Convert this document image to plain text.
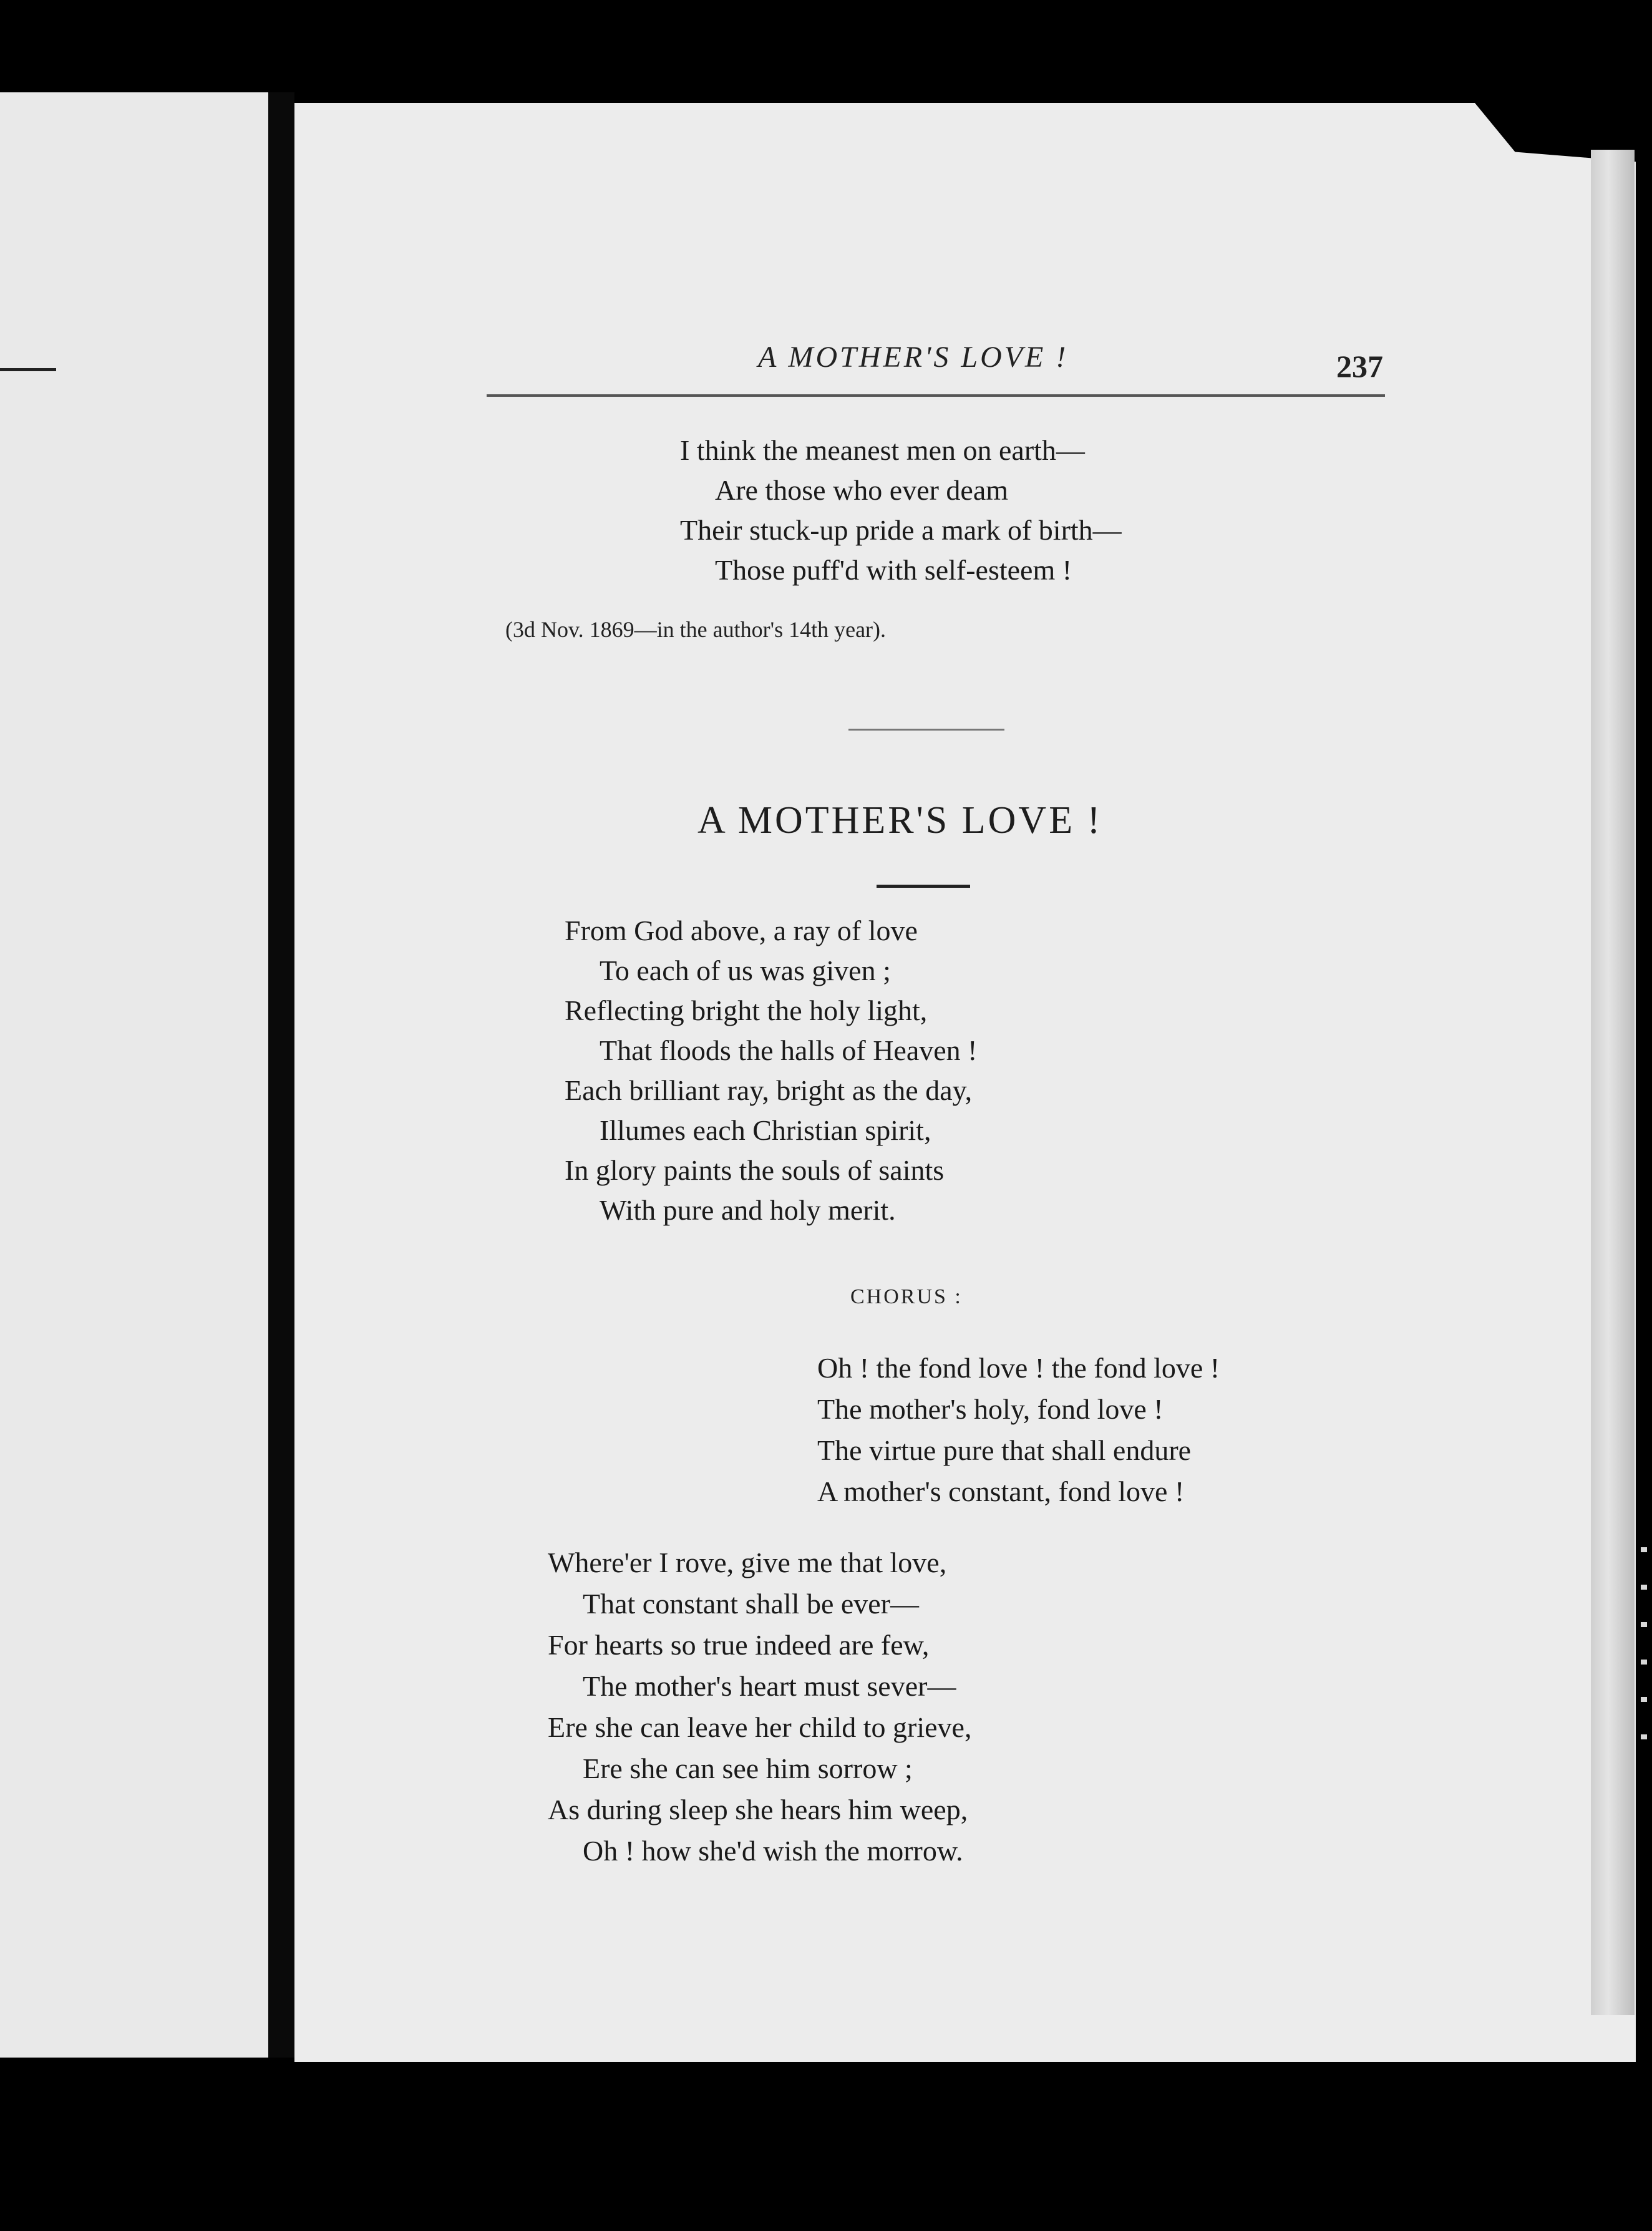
A MOTHER'S LOVE !	237
I think the meanest men on earth—
Are those who ever deam
Their stuck-up pride a mark of birth—
Those puff'd with self-esteem !
(3d Nov. 1869—in the author's 14th year).
A MOTHER'S LOVE !
From God above, a ray of love
To each of us was given ;
Reflecting bright the holy light,
That floods the halls of Heaven !
Each brilliant ray, bright as the day,
Illumes each Christian spirit,
In glory paints the souls of saints
With pure and holy merit.
CHORUS :
Oh ! the fond love ! the fond love !
The mother's holy, fond love !
The virtue pure that shall endure
A mother's constant, fond love !
Where'er I rove, give me that love,
That constant shall be ever—
For hearts so true indeed are few,
The mother's heart must sever—
Ere she can leave her child to grieve,
Ere she can see him sorrow ;
As during sleep she hears him weep,
Oh ! how she'd wish the morrow.
